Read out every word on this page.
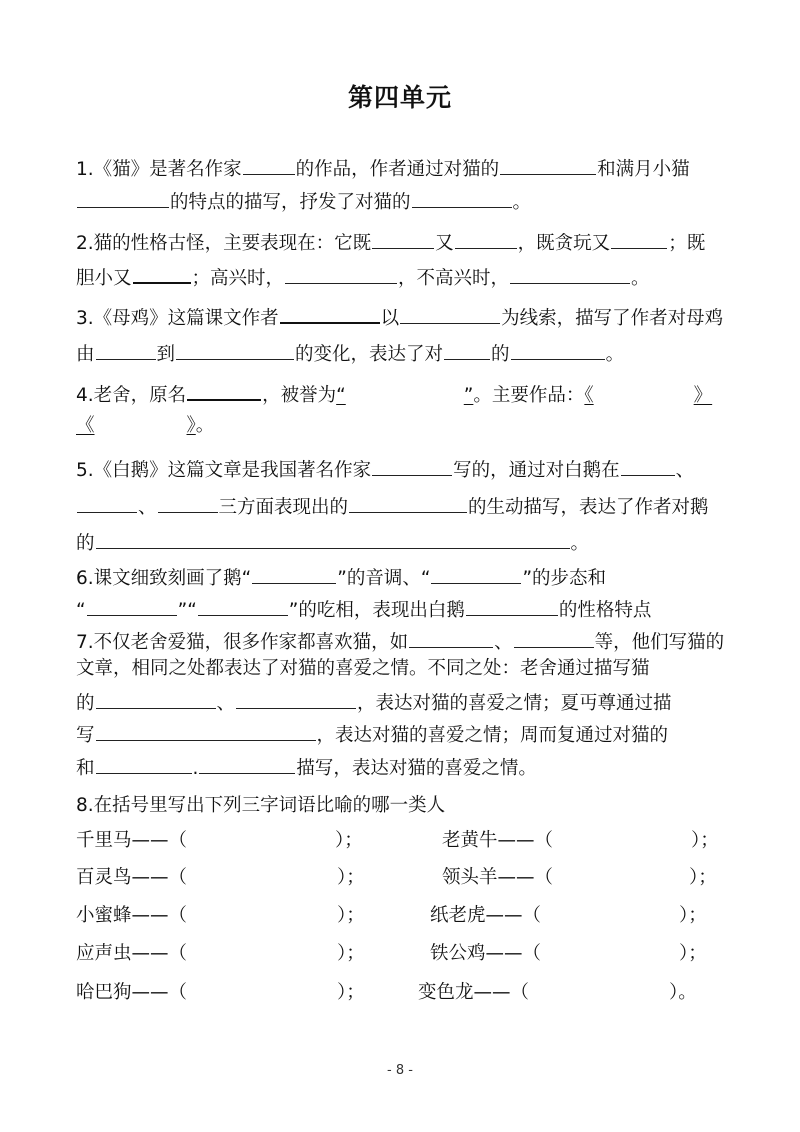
第四单元
1.《猫》是著名作家	的作品，作者通过对猫的	和满月小猫
的特点的描写，抒发了对猫的	。
2.猫的性格古怪，主要表现在：它既	又	，既贪玩又	；既
胆小又	；高兴时，	，不高兴时，	。
3.《母鸡》这篇课文作者	以	为线索，描写了作者对母鸡
由	到	的变化，表达了对	的	。
4.老舍，原名	，被誉为“	”。主要作品：《	》
《	》。
5.《白鹅》这篇文章是我国著名作家	写的，通过对白鹅在	、
、	三方面表现出的	的生动描写，表达了作者对鹅
的	。
6.课文细致刻画了鹅“	”的音调、“	”的步态和
“	”“	”的吃相，表现出白鹅	的性格特点
7.不仅老舍爱猫，很多作家都喜欢猫，如	、	等，他们写猫的
文章，相同之处都表达了对猫的喜爱之情。不同之处：老舍通过描写猫
的	、	，表达对猫的喜爱之情；夏丏尊通过描
写	，表达对猫的喜爱之情；周而复通过对猫的
和	.	描写，表达对猫的喜爱之情。
8.在括号里写出下列三字词语比喻的哪一类人
千里马——（	）；	老黄牛——（	）；
百灵鸟——（	）；	领头羊——（	）；
小蜜蜂——（	）；	纸老虎——（	）；
应声虫——（	）；	铁公鸡——（	）；
哈巴狗——（	）；	变色龙——（	）。
- 8 -
